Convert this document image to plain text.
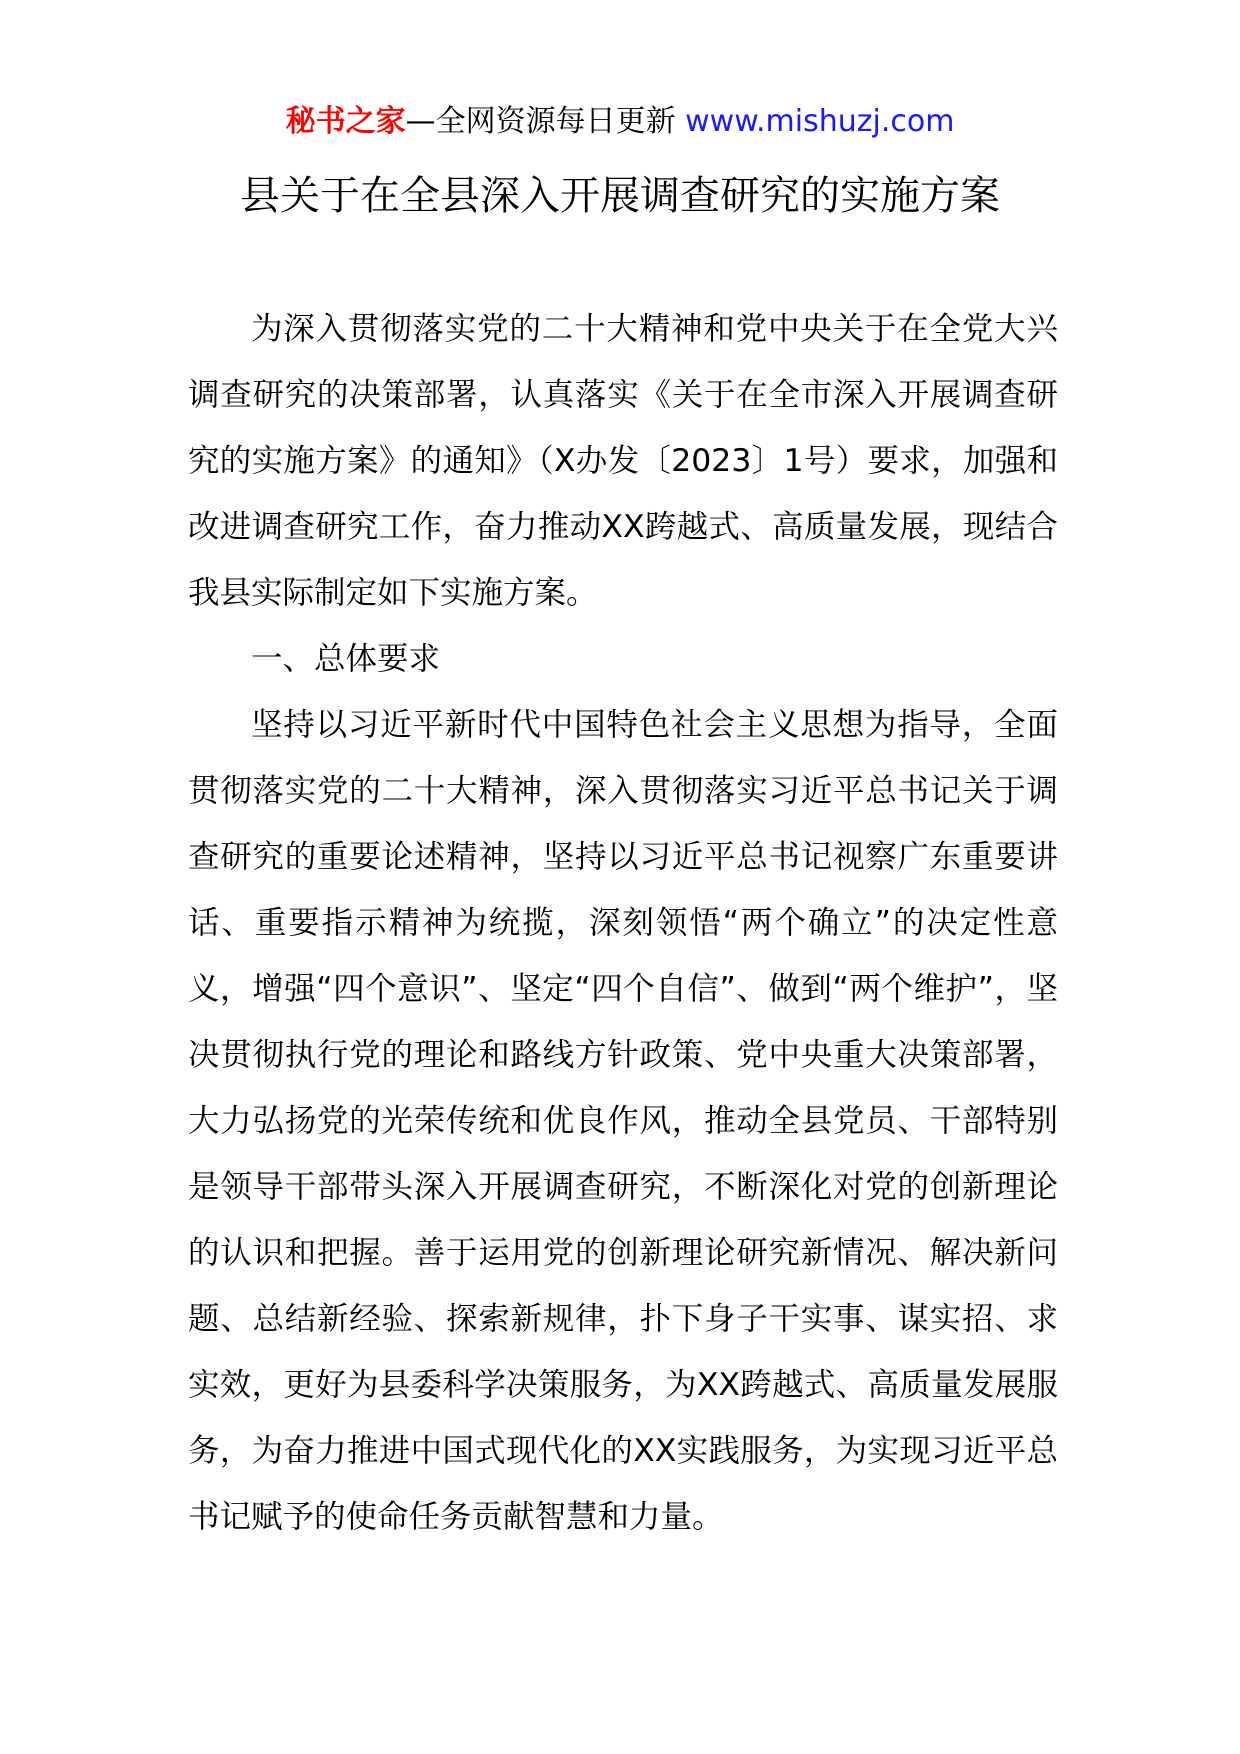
秘书之家—全网资源每日更新 www.mishuzj.com
县关于在全县深入开展调查研究的实施方案

为深入贯彻落实党的二十大精神和党中央关于在全党大兴调查研究的决策部署，认真落实《关于在全市深入开展调查研究的实施方案》的通知》（X办发〔2023〕1号）要求，加强和改进调查研究工作，奋力推动XX跨越式、高质量发展，现结合我县实际制定如下实施方案。

一、总体要求

坚持以习近平新时代中国特色社会主义思想为指导，全面贯彻落实党的二十大精神，深入贯彻落实习近平总书记关于调查研究的重要论述精神，坚持以习近平总书记视察广东重要讲话、重要指示精神为统揽，深刻领悟“两个确立”的决定性意义，增强“四个意识”、坚定“四个自信”、做到“两个维护”，坚决贯彻执行党的理论和路线方针政策、党中央重大决策部署，大力弘扬党的光荣传统和优良作风，推动全县党员、干部特别是领导干部带头深入开展调查研究，不断深化对党的创新理论的认识和把握。善于运用党的创新理论研究新情况、解决新问题、总结新经验、探索新规律，扑下身子干实事、谋实招、求实效，更好为县委科学决策服务，为XX跨越式、高质量发展服务，为奋力推进中国式现代化的XX实践服务，为实现习近平总书记赋予的使命任务贡献智慧和力量。
